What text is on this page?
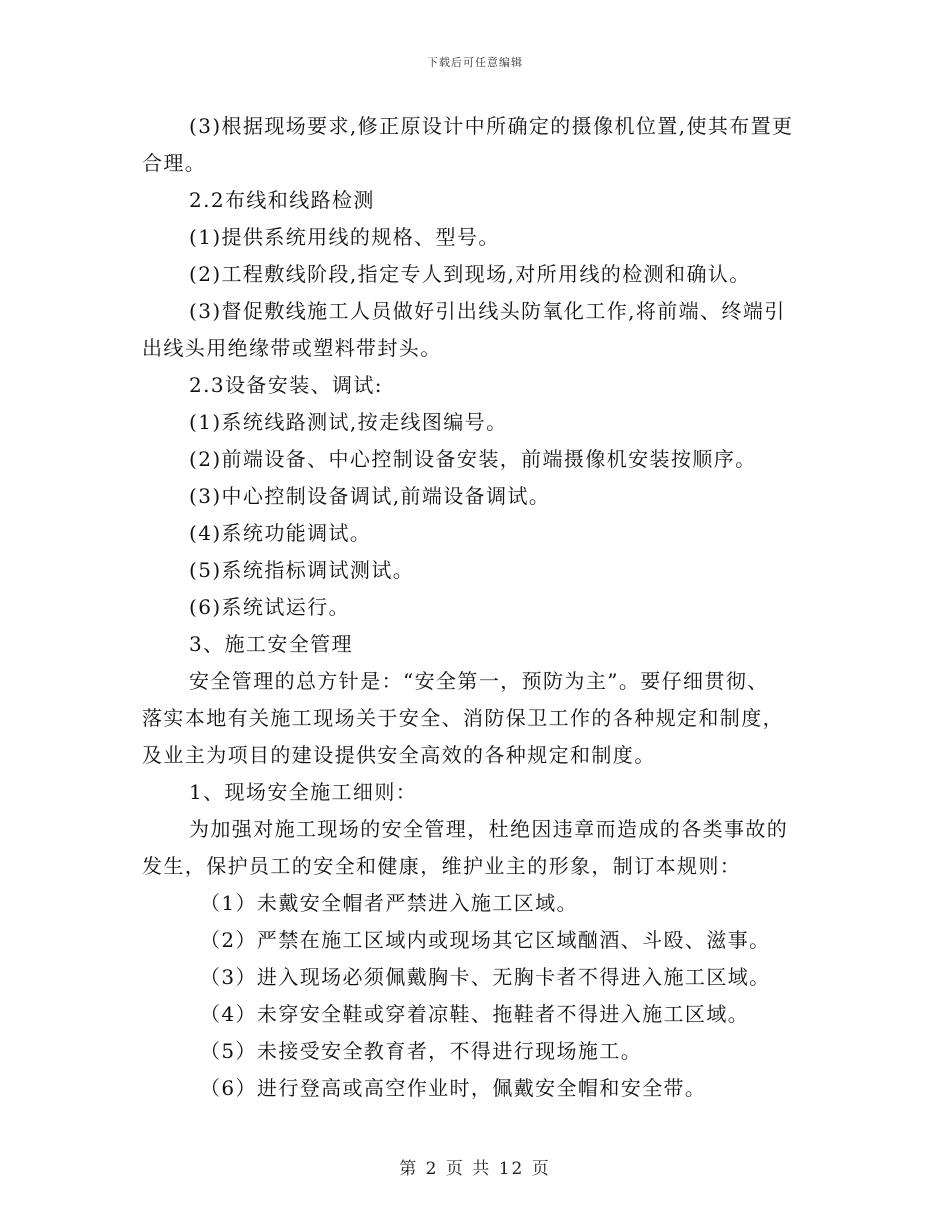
下载后可任意编辑
(3)根据现场要求,修正原设计中所确定的摄像机位置,使其布置更
合理。
2.2布线和线路检测
(1)提供系统用线的规格、型号。
(2)工程敷线阶段,指定专人到现场,对所用线的检测和确认。
(3)督促敷线施工人员做好引出线头防氧化工作,将前端、终端引
出线头用绝缘带或塑料带封头。
2.3设备安装、调试:
(1)系统线路测试,按走线图编号。
(2)前端设备、中心控制设备安装，前端摄像机安装按顺序。
(3)中心控制设备调试,前端设备调试。
(4)系统功能调试。
(5)系统指标调试测试。
(6)系统试运行。
3、施工安全管理
安全管理的总方针是：“安全第一，预防为主”。要仔细贯彻、
落实本地有关施工现场关于安全、消防保卫工作的各种规定和制度，
及业主为项目的建设提供安全高效的各种规定和制度。
1、现场安全施工细则：
为加强对施工现场的安全管理，杜绝因违章而造成的各类事故的
发生，保护员工的安全和健康，维护业主的形象，制订本规则：
（1）未戴安全帽者严禁进入施工区域。
（2）严禁在施工区域内或现场其它区域酗酒、斗殴、滋事。
（3）进入现场必须佩戴胸卡、无胸卡者不得进入施工区域。
（4）未穿安全鞋或穿着凉鞋、拖鞋者不得进入施工区域。
（5）未接受安全教育者，不得进行现场施工。
（6）进行登高或高空作业时，佩戴安全帽和安全带。
第 2 页 共 12 页
